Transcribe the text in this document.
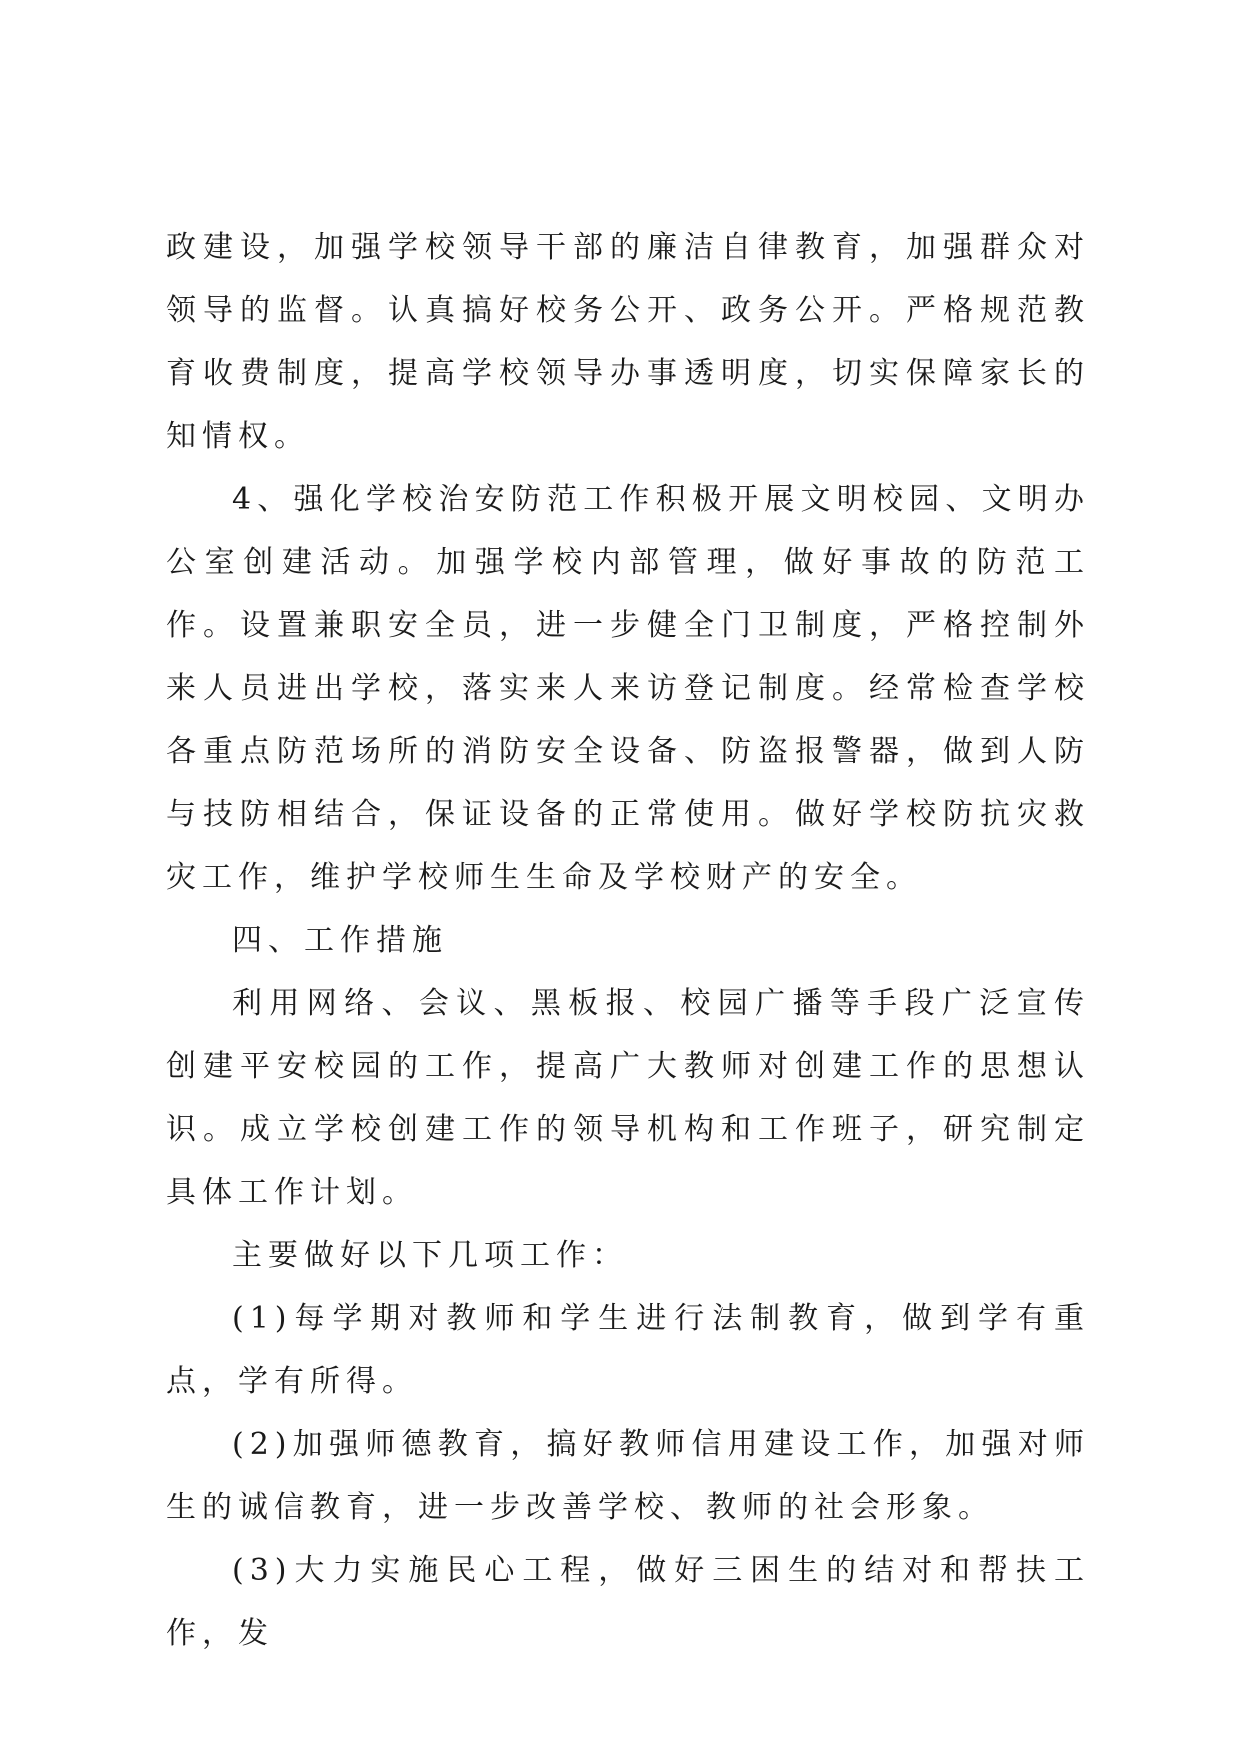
政建设，加强学校领导干部的廉洁自律教育，加强群众对领导的监督。认真搞好校务公开、政务公开。严格规范教育收费制度，提高学校领导办事透明度，切实保障家长的知情权。

4、强化学校治安防范工作积极开展文明校园、文明办公室创建活动。加强学校内部管理，做好事故的防范工作。设置兼职安全员，进一步健全门卫制度，严格控制外来人员进出学校，落实来人来访登记制度。经常检查学校各重点防范场所的消防安全设备、防盗报警器，做到人防与技防相结合，保证设备的正常使用。做好学校防抗灾救灾工作，维护学校师生生命及学校财产的安全。

四、工作措施

利用网络、会议、黑板报、校园广播等手段广泛宣传创建平安校园的工作，提高广大教师对创建工作的思想认识。成立学校创建工作的领导机构和工作班子，研究制定具体工作计划。

主要做好以下几项工作：

(1)每学期对教师和学生进行法制教育，做到学有重点，学有所得。

(2)加强师德教育，搞好教师信用建设工作，加强对师生的诚信教育，进一步改善学校、教师的社会形象。

(3)大力实施民心工程，做好三困生的结对和帮扶工作，发
